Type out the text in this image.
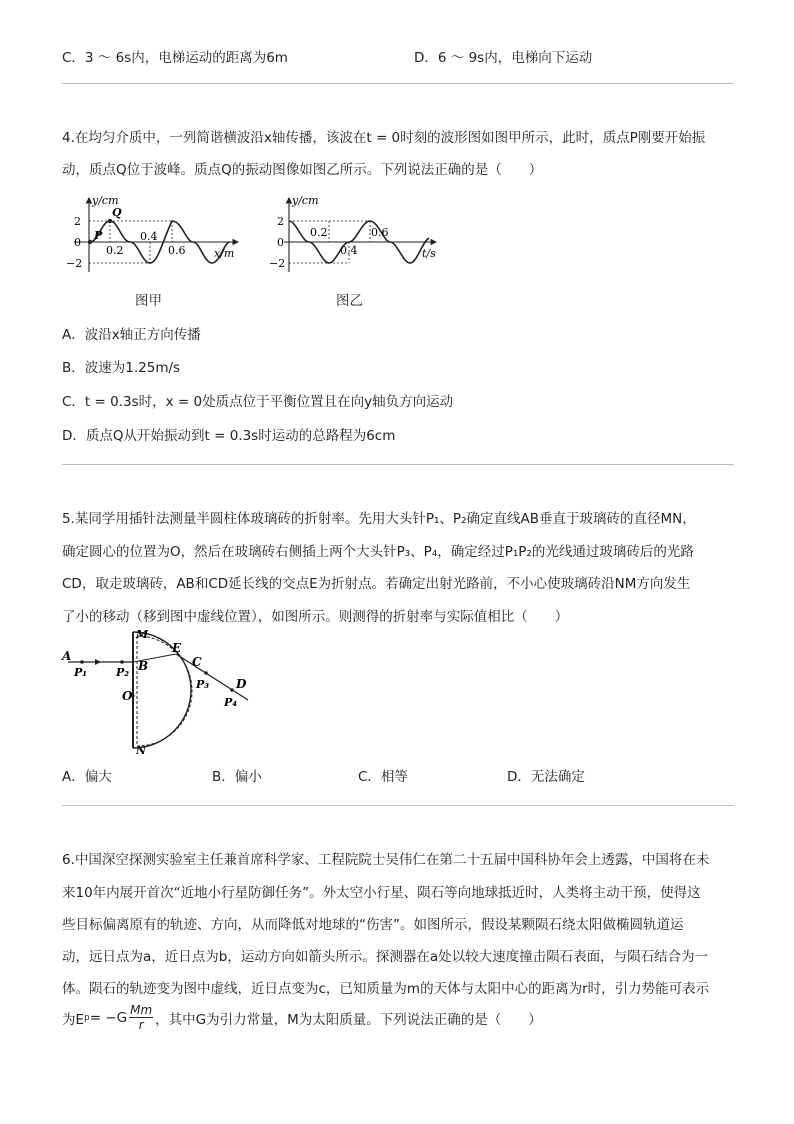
C．3 ～ 6s内，电梯运动的距离为6m	D．6 ～ 9s内，电梯向下运动
4.在均匀介质中，一列简谐横波沿x轴传播，该波在t = 0时刻的波形图如图甲所示，此时，质点P刚要开始振
动，质点Q位于波峰。质点Q的振动图像如图乙所示。下列说法正确的是（　　）
y/cm
x/m
2
0
−2
Q
P
0.2
0.4
0.6
图甲
y/cm
t/s
2
0
−2
0.2
0.4
0.6
图乙
A．波沿x轴正方向传播
B．波速为1.25m/s
C．t = 0.3s时，x = 0处质点位于平衡位置且在向y轴负方向运动
D．质点Q从开始振动到t = 0.3s时运动的总路程为6cm
5.某同学用插针法测量半圆柱体玻璃砖的折射率。先用大头针P₁、P₂确定直线AB垂直于玻璃砖的直径MN，
确定圆心的位置为O，然后在玻璃砖右侧插上两个大头针P₃、P₄，确定经过P₁P₂的光线通过玻璃砖后的光路
CD，取走玻璃砖，AB和CD延长线的交点E为折射点。若确定出射光路前，不小心使玻璃砖沿NM方向发生
了小的移动（移到图中虚线位置），如图所示。则测得的折射率与实际值相比（　　）
A
P₁	P₂ B
M
E
C
O
P₃ D
P₄
N
A．偏大	B．偏小	C．相等	D．无法确定
6.中国深空探测实验室主任兼首席科学家、工程院院士吴伟仁在第二十五届中国科协年会上透露，中国将在未
来10年内展开首次“近地小行星防御任务”。外太空小行星、陨石等向地球抵近时，人类将主动干预，使得这
些目标偏离原有的轨迹、方向，从而降低对地球的“伤害”。如图所示，假设某颗陨石绕太阳做椭圆轨道运
动，远日点为a，近日点为b，运动方向如箭头所示。探测器在a处以较大速度撞击陨石表面，与陨石结合为一
体。陨石的轨迹变为图中虚线，近日点变为c，已知质量为m的天体与太阳中心的距离为r时，引力势能可表示
为E p = −G Mm
r ，其中G为引力常量，M为太阳质量。下列说法正确的是（　　）
